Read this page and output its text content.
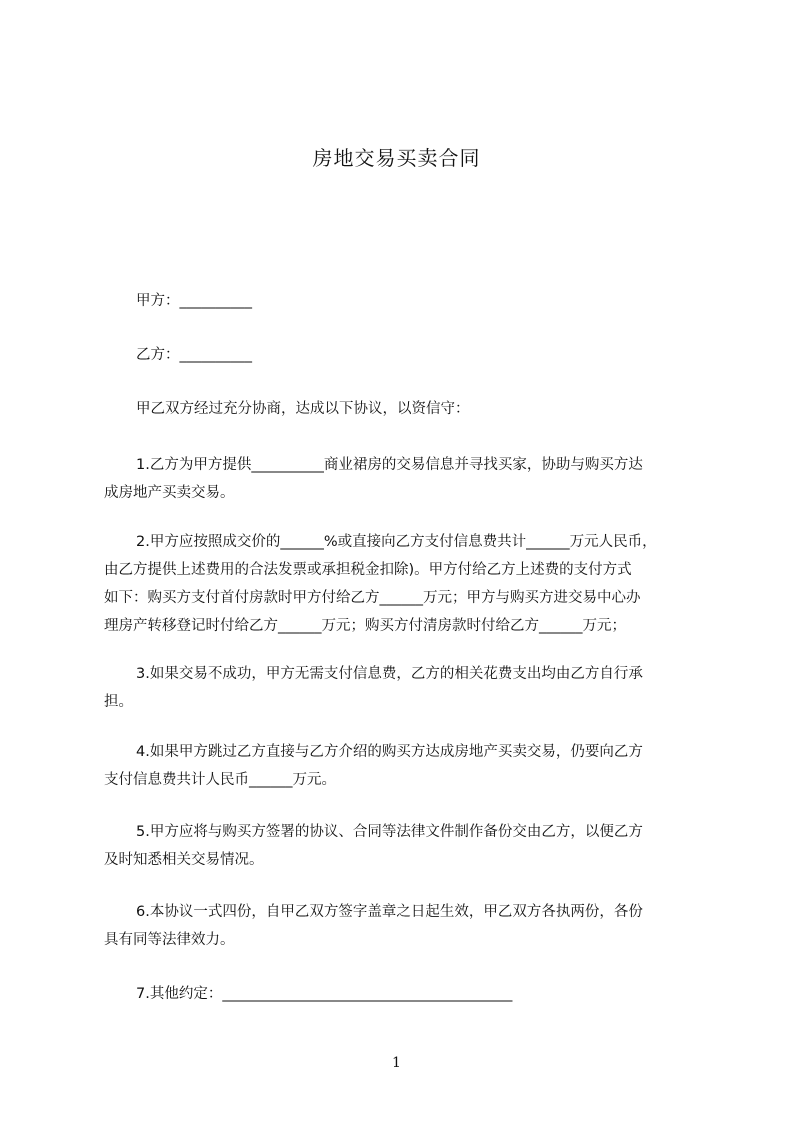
房地交易买卖合同
甲方：__________
乙方：__________
甲乙双方经过充分协商，达成以下协议，以资信守：
1.乙方为甲方提供__________商业裙房的交易信息并寻找买家，协助与购买方达
成房地产买卖交易。
2.甲方应按照成交价的______%或直接向乙方支付信息费共计______万元人民币，
由乙方提供上述费用的合法发票或承担税金扣除)。甲方付给乙方上述费的支付方式
如下：购买方支付首付房款时甲方付给乙方______万元；甲方与购买方进交易中心办
理房产转移登记时付给乙方______万元；购买方付清房款时付给乙方______万元；
3.如果交易不成功，甲方无需支付信息费，乙方的相关花费支出均由乙方自行承
担。
4.如果甲方跳过乙方直接与乙方介绍的购买方达成房地产买卖交易，仍要向乙方
支付信息费共计人民币______万元。
5.甲方应将与购买方签署的协议、合同等法律文件制作备份交由乙方，以便乙方
及时知悉相关交易情况。
6.本协议一式四份，自甲乙双方签字盖章之日起生效，甲乙双方各执两份，各份
具有同等法律效力。
7.其他约定：________________________________________
1
